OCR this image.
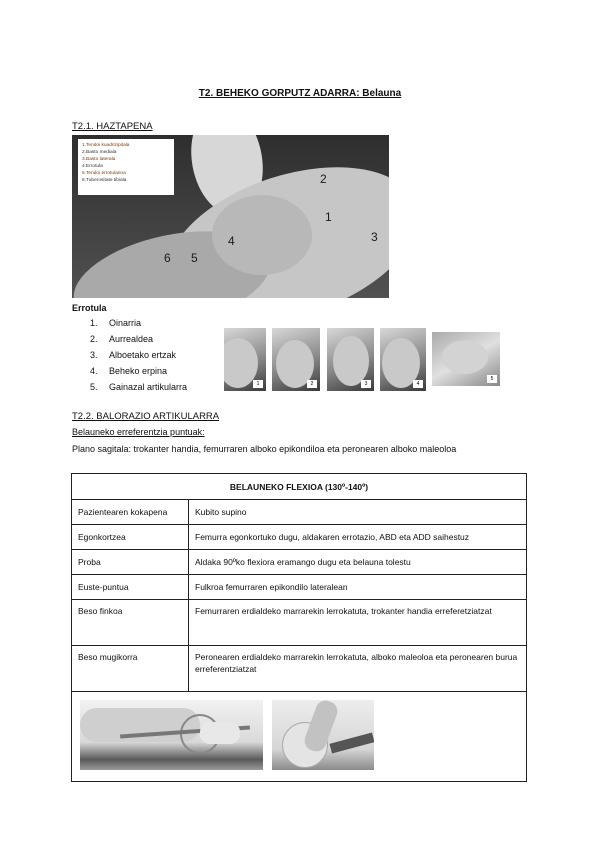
T2. BEHEKO GORPUTZ ADARRA: Belauna
T2.1. HAZTAPENA
1.Tendoi kuadrizipitala
2.Basto mediala
3.Basto laterala
4.Errotula
5.Tendoi errotularioa
6.Tuberositate tibiala	2
1
3
4
6 5
Errotula
1.	Oinarria
2.	Aurrealdea
3.	Alboetako ertzak
4.	Beheko erpina
5.	Gainazal artikularra	1	2	3	4
5
T2.2. BALORAZIO ARTIKULARRA
Belauneko erreferentzia puntuak:
Plano sagitala: trokanter handia, femurraren alboko epikondiloa eta peronearen alboko maleoloa
BELAUNEKO FLEXIOA (130º-140º)	
Pazientearen kokapena	Kubito supino
Egonkortzea	Femurra egonkortuko dugu, aldakaren errotazio, ABD eta ADD saihestuz
Proba	Aldaka 90ºko flexiora eramango dugu eta belauna tolestu
Euste-puntua	Fulkroa femurraren epikondilo lateralean
Beso finkoa	Femurraren erdialdeko marrarekin lerrokatuta, trokanter handia erreferetziatzat
Beso mugikorra	Peronearen erdialdeko marrarekin lerrokatuta, alboko maleoloa eta peronearen burua erreferentziatzat
